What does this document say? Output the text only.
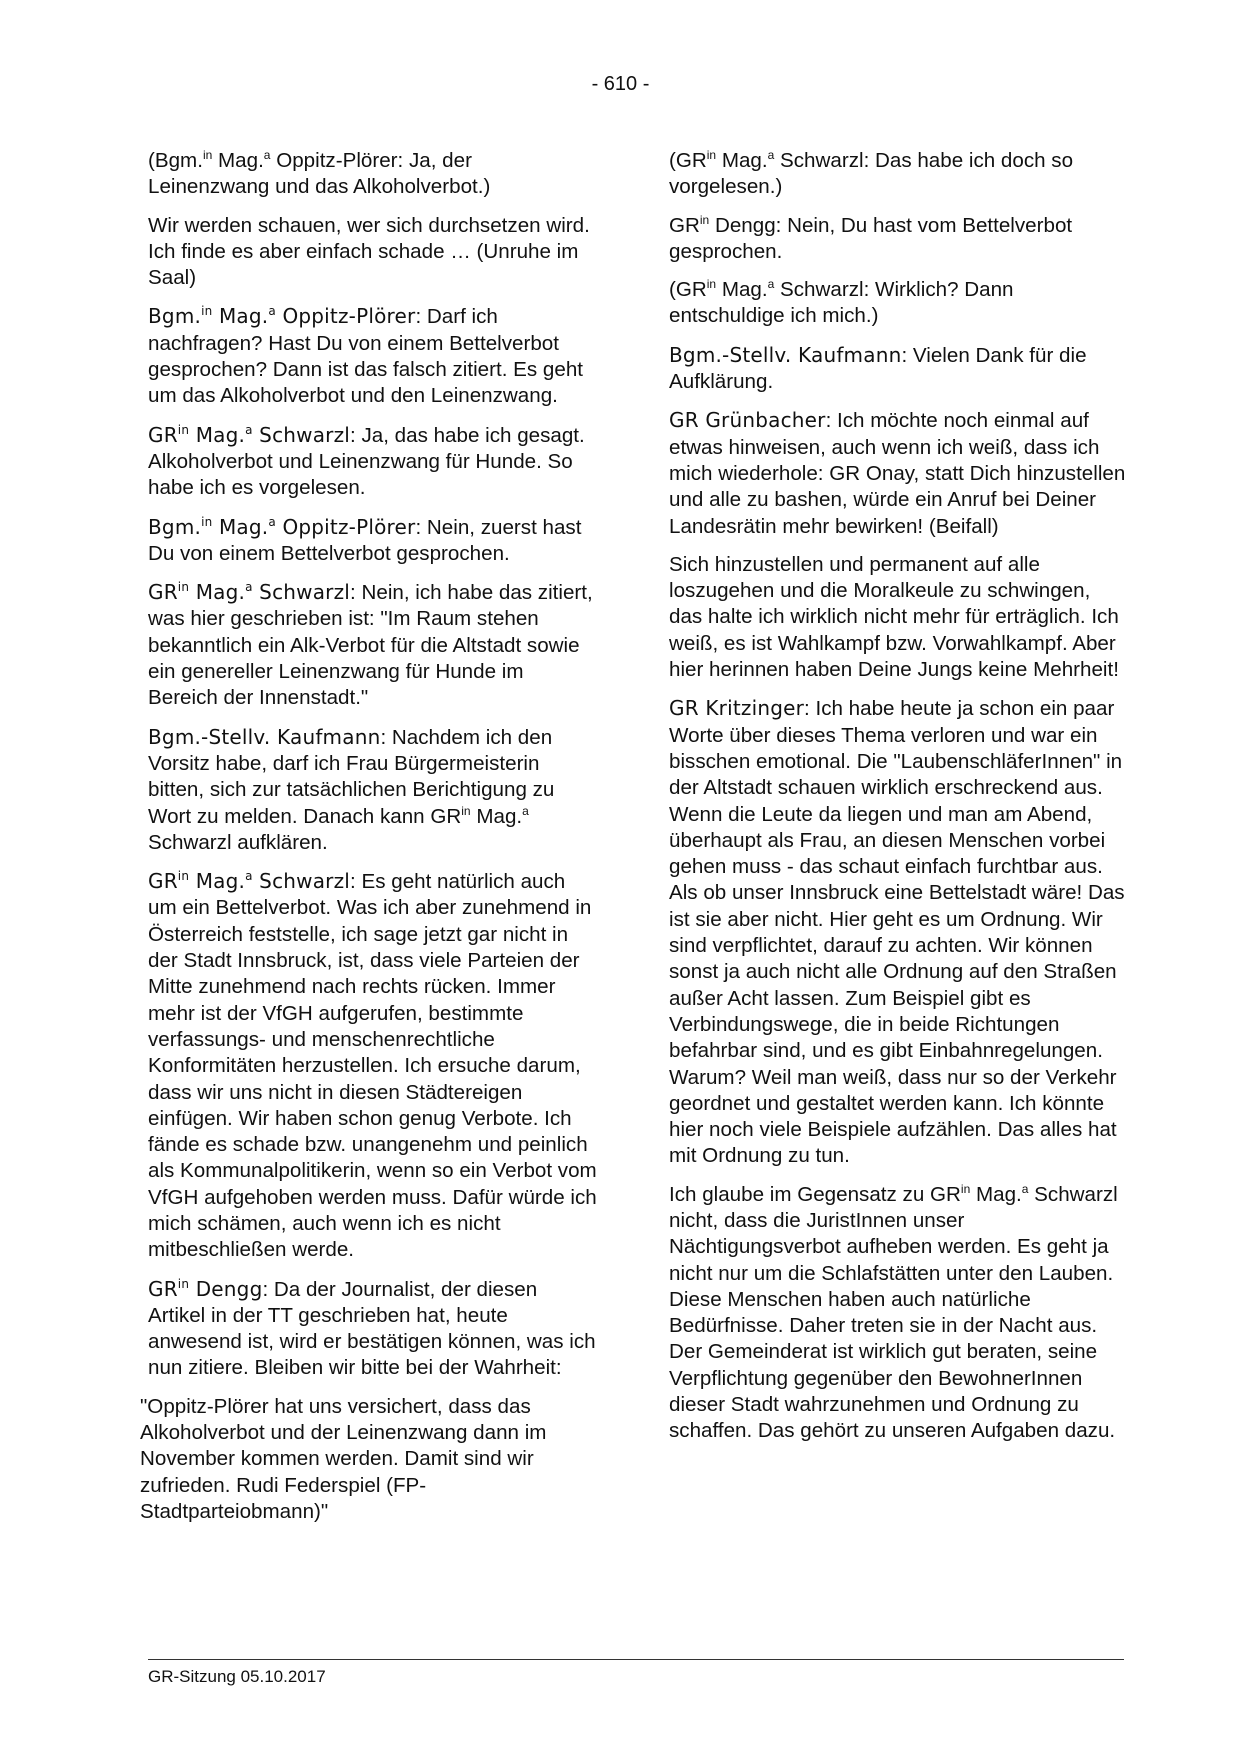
- 610 -

(Bgm.$^{in}$ Mag.$^a$ Oppitz-Plörer: Ja, der Leinenzwang und das Alkoholverbot.)

Wir werden schauen, wer sich durchsetzen wird. Ich finde es aber einfach schade … (Unruhe im Saal)

Bgm.$^{in}$ Mag.$^a$ Oppitz-Plörer: Darf ich nachfragen? Hast Du von einem Bettelverbot gesprochen? Dann ist das falsch zitiert. Es geht um das Alkoholverbot und den Leinenzwang.

$GR^{in}$ Mag.$^a$ Schwarzl: Ja, das habe ich gesagt. Alkoholverbot und Leinenzwang für Hunde. So habe ich es vorgelesen.

Bgm.$^{in}$ Mag.$^a$ Oppitz-Plörer: Nein, zuerst hast Du von einem Bettelverbot gesprochen.

$GR^{in}$ Mag.$^a$ Schwarzl: Nein, ich habe das zitiert, was hier geschrieben ist: "Im Raum stehen bekanntlich ein Alk-Verbot für die Altstadt sowie ein genereller Leinenzwang für Hunde im Bereich der Innenstadt."

Bgm.-Stellv. Kaufmann: Nachdem ich den Vorsitz habe, darf ich Frau Bürgermeisterin bitten, sich zur tatsächlichen Berichtigung zu Wort zu melden. Danach kann $GR^{in}$ Mag.$^a$ Schwarzl aufklären.

$GR^{in}$ Mag.$^a$ Schwarzl: Es geht natürlich auch um ein Bettelverbot. Was ich aber zunehmend in Österreich feststelle, ich sage jetzt gar nicht in der Stadt Innsbruck, ist, dass viele Parteien der Mitte zunehmend nach rechts rücken. Immer mehr ist der VfGH aufgerufen, bestimmte verfassungs- und menschenrechtliche Konformitäten herzustellen. Ich ersuche darum, dass wir uns nicht in diesen Städtereigen einfügen. Wir haben schon genug Verbote. Ich fände es schade bzw. unangenehm und peinlich als Kommunalpolitikerin, wenn so ein Verbot vom VfGH aufgehoben werden muss. Dafür würde ich mich schämen, auch wenn ich es nicht mitbeschließen werde.

$GR^{in}$ Dengg: Da der Journalist, der diesen Artikel in der TT geschrieben hat, heute anwesend ist, wird er bestätigen können, was ich nun zitiere. Bleiben wir bitte bei der Wahrheit:

"Oppitz-Plörer hat uns versichert, dass das Alkoholverbot und der Leinenzwang dann im November kommen werden. Damit sind wir zufrieden. Rudi Federspiel (FP-Stadtparteiobmann)"

($GR^{in}$ Mag.$^a$ Schwarzl: Das habe ich doch so vorgelesen.)

$GR^{in}$ Dengg: Nein, Du hast vom Bettelverbot gesprochen.

($GR^{in}$ Mag.$^a$ Schwarzl: Wirklich? Dann entschuldige ich mich.)

Bgm.-Stellv. Kaufmann: Vielen Dank für die Aufklärung.

GR Grünbacher: Ich möchte noch einmal auf etwas hinweisen, auch wenn ich weiß, dass ich mich wiederhole: GR Onay, statt Dich hinzustellen und alle zu bashen, würde ein Anruf bei Deiner Landesrätin mehr bewirken! (Beifall)

Sich hinzustellen und permanent auf alle loszugehen und die Moralkeule zu schwingen, das halte ich wirklich nicht mehr für erträglich. Ich weiß, es ist Wahlkampf bzw. Vorwahlkampf. Aber hier herinnen haben Deine Jungs keine Mehrheit!

GR Kritzinger: Ich habe heute ja schon ein paar Worte über dieses Thema verloren und war ein bisschen emotional. Die "LaubenschläferInnen" in der Altstadt schauen wirklich erschreckend aus. Wenn die Leute da liegen und man am Abend, überhaupt als Frau, an diesen Menschen vorbei gehen muss - das schaut einfach furchtbar aus. Als ob unser Innsbruck eine Bettelstadt wäre! Das ist sie aber nicht. Hier geht es um Ordnung. Wir sind verpflichtet, darauf zu achten. Wir können sonst ja auch nicht alle Ordnung auf den Straßen außer Acht lassen. Zum Beispiel gibt es Verbindungswege, die in beide Richtungen befahrbar sind, und es gibt Einbahnregelungen. Warum? Weil man weiß, dass nur so der Verkehr geordnet und gestaltet werden kann. Ich könnte hier noch viele Beispiele aufzählen. Das alles hat mit Ordnung zu tun.

Ich glaube im Gegensatz zu $GR^{in}$ Mag.$^a$ Schwarzl nicht, dass die JuristInnen unser Nächtigungsverbot aufheben werden. Es geht ja nicht nur um die Schlafstätten unter den Lauben. Diese Menschen haben auch natürliche Bedürfnisse. Daher treten sie in der Nacht aus. Der Gemeinderat ist wirklich gut beraten, seine Verpflichtung gegenüber den BewohnerInnen dieser Stadt wahrzunehmen und Ordnung zu schaffen. Das gehört zu unseren Aufgaben dazu.

GR-Sitzung 05.10.2017
